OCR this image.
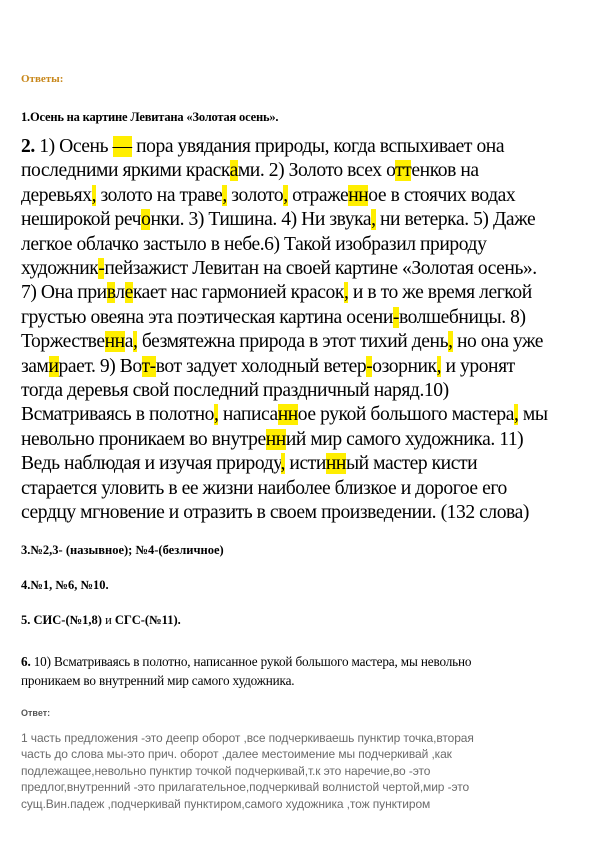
Ответы:
1.Осень на картине Левитана «Золотая осень».
2. 1) Осень — пора увядания природы, когда вспыхивает она
последними яркими красками. 2) Золото всех оттенков на
деревьях, золото на траве, золото, отраженное в стоячих водах
неширокой речонки. 3) Тишина. 4) Ни звука, ни ветерка. 5) Даже
легкое облачко застыло в небе.6) Такой изобразил природу
художник-пейзажист Левитан на своей картине «Золотая осень».
7) Она привлекает нас гармонией красок, и в то же время легкой
грустью овеяна эта поэтическая картина осени-волшебницы. 8)
Торжественна, безмятежна природа в этот тихий день, но она уже
замирает. 9) Вот-вот задует холодный ветер-озорник, и уронят
тогда деревья свой последний праздничный наряд.10)
Всматриваясь в полотно, написанное рукой большого мастера, мы
невольно проникаем во внутренний мир самого художника. 11)
Ведь наблюдая и изучая природу, истинный мастер кисти
старается уловить в ее жизни наиболее близкое и дорогое его
сердцу мгновение и отразить в своем произведении. (132 слова)
3.№2,3- (назывное); №4-(безличное)
4.№1, №6, №10.
5. СИС-(№1,8) и СГС-(№11).
6. 10) Всматриваясь в полотно, написанное рукой большого мастера, мы невольно
проникаем во внутренний мир самого художника.
Ответ:
1 часть предложения -это деепр оборот ,все подчеркиваешь пунктир точка,вторая
часть до слова мы-это прич. оборот ,далее местоимение мы подчеркивай ,как
подлежащее,невольно пунктир точкой подчеркивай,т.к это наречие,во -это
предлог,внутренний -это прилагательное,подчеркивай волнистой чертой,мир -это
сущ.Вин.падеж ,подчеркивай пунктиром,самого художника ,тож пунктиром
